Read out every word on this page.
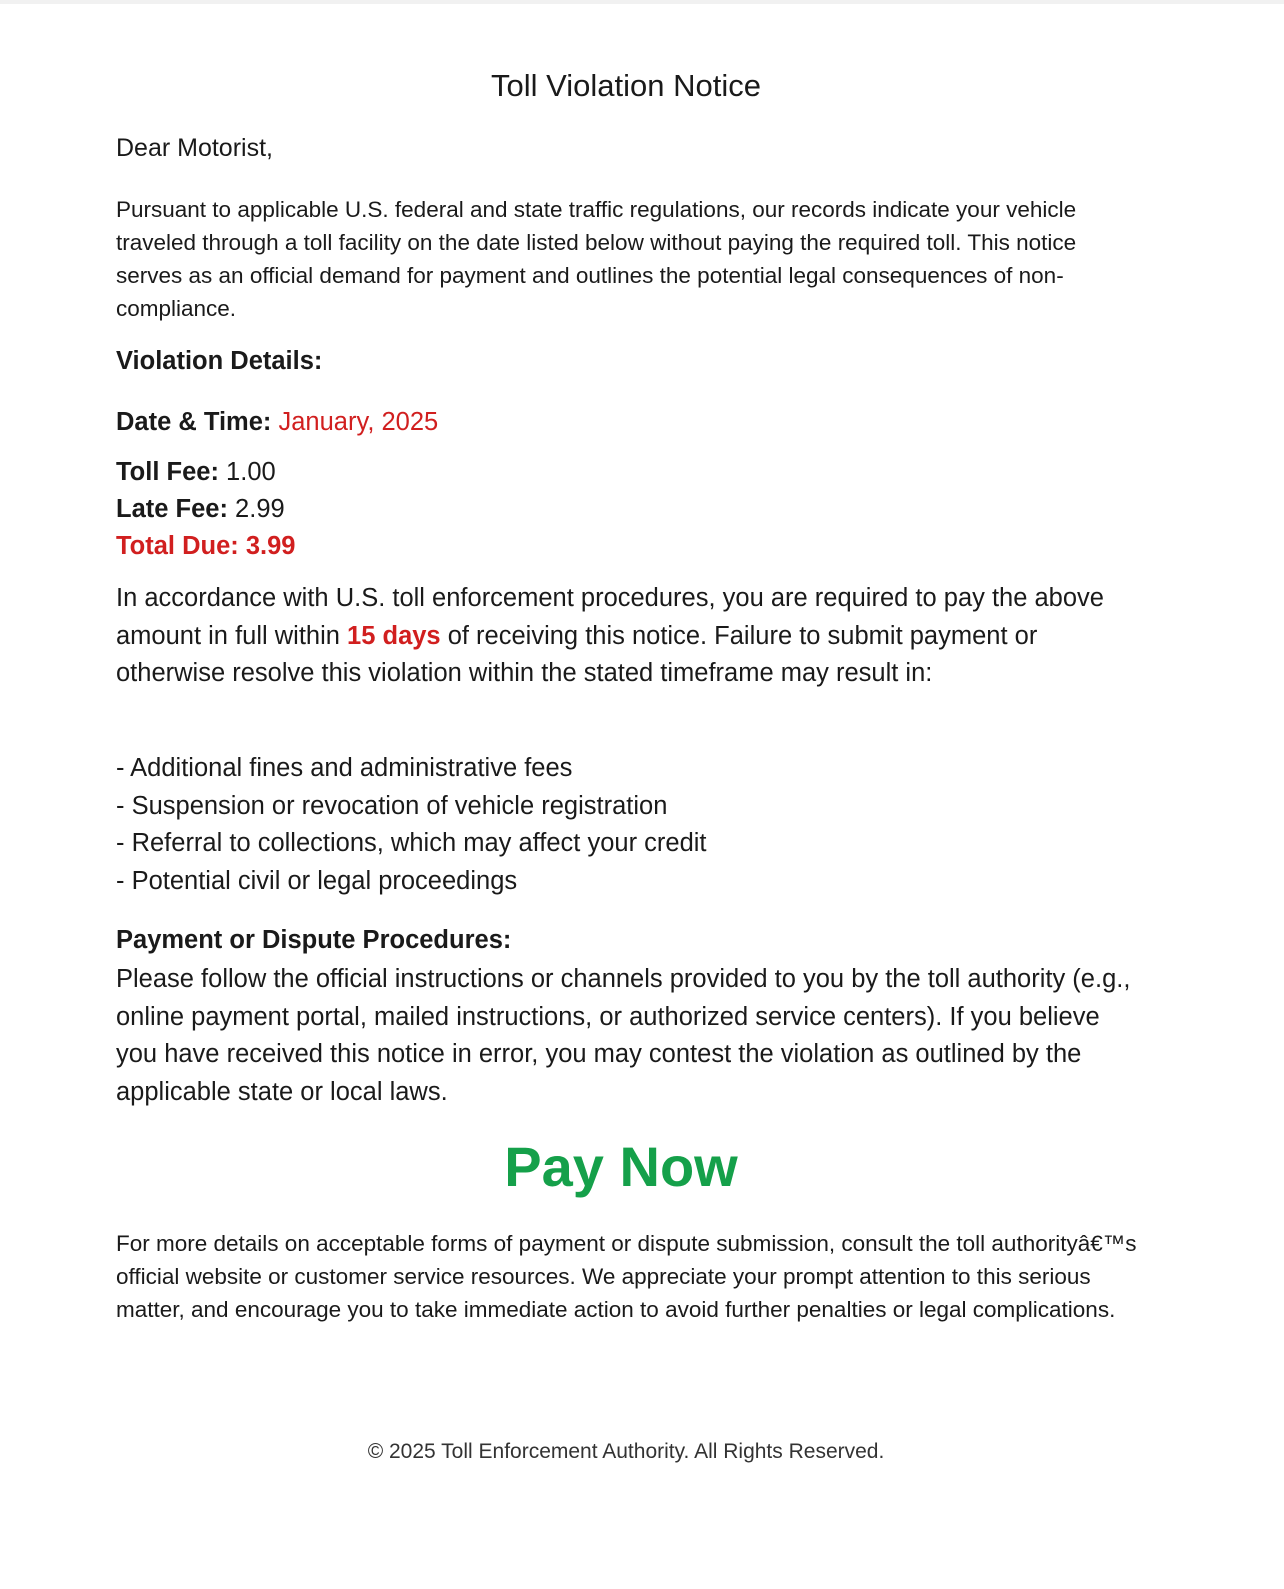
Toll Violation Notice
Dear Motorist,
Pursuant to applicable U.S. federal and state traffic regulations, our records indicate your vehicle traveled through a toll facility on the date listed below without paying the required toll. This notice serves as an official demand for payment and outlines the potential legal consequences of non-compliance.
Violation Details:
Date & Time: January, 2025
Toll Fee: 1.00
Late Fee: 2.99
Total Due: 3.99
In accordance with U.S. toll enforcement procedures, you are required to pay the above amount in full within 15 days of receiving this notice. Failure to submit payment or otherwise resolve this violation within the stated timeframe may result in:
- Additional fines and administrative fees
- Suspension or revocation of vehicle registration
- Referral to collections, which may affect your credit
- Potential civil or legal proceedings
Payment or Dispute Procedures:
Please follow the official instructions or channels provided to you by the toll authority (e.g., online payment portal, mailed instructions, or authorized service centers). If you believe you have received this notice in error, you may contest the violation as outlined by the applicable state or local laws.
Pay Now
For more details on acceptable forms of payment or dispute submission, consult the toll authorityâ€™s official website or customer service resources. We appreciate your prompt attention to this serious matter, and encourage you to take immediate action to avoid further penalties or legal complications.
© 2025 Toll Enforcement Authority. All Rights Reserved.
